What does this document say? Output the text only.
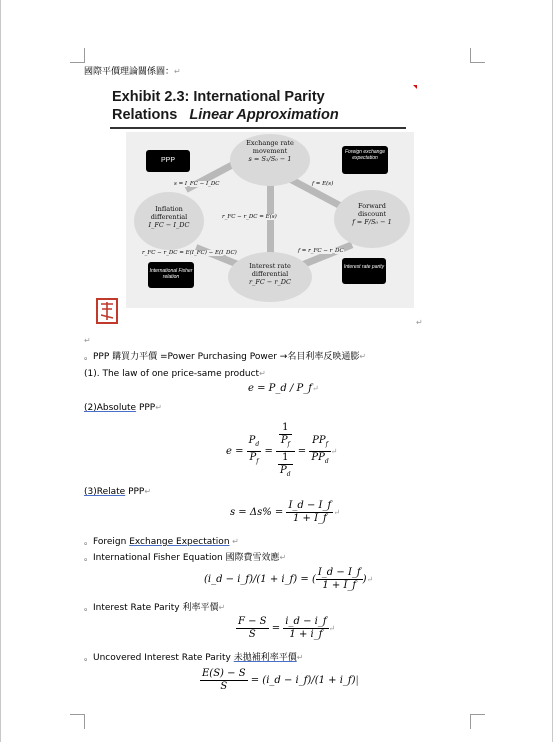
國際平價理論關係圖：↵
Exhibit 2.3: International Parity
Relations Linear Approximation
Exchange rate
movement
s = S₁/S₀ − 1
Inflation
differential
I_FC − I_DC
Forward
discount
f = F/S₀ − 1
Interest rate
differential
r_FC − r_DC
PPP
Foreign exchange expectation
International Fisher relation
Interest rate parity
s = I_FC − I_DC	f = E(s)
r_FC − r_DC = E(s)
r_FC − r_DC = E(I_FC) − E(I_DC)	f = r_FC − r_DC
↵
↵
。PPP 購買力平價 =Power Purchasing Power →名目利率反映通膨↵
(1). The law of one price-same product↵
e = P_d / P_f↵
(2)Absolute PPP↵
$e = \frac{P_d}{P_f} = \frac{\frac{1}{P_f}}{\frac{1}{P_d}} = \frac{PP_f}{PP_d}$ ↵
(3)Relate PPP↵
$s = \Delta s\% = \frac{I\_d - I\_f}{1 + I\_f}$ ↵
。Foreign Exchange Expectation ↵
。International Fisher Equation 國際費雪效應↵
(i_d − i_f)/(1 + i_f) = ( $\frac{I\_d - I\_f}{1 + I\_f}$ )↵
。Interest Rate Parity 利率平價↵
$\frac{F - S}{S} = \frac{i\_d - i\_f}{1 + i\_f}$ ↵
。Uncovered Interest Rate Parity 未拋補利率平價↵
$\frac{E(S) - S}{S}$ = (i_d − i_f)/(1 + i_f)|
